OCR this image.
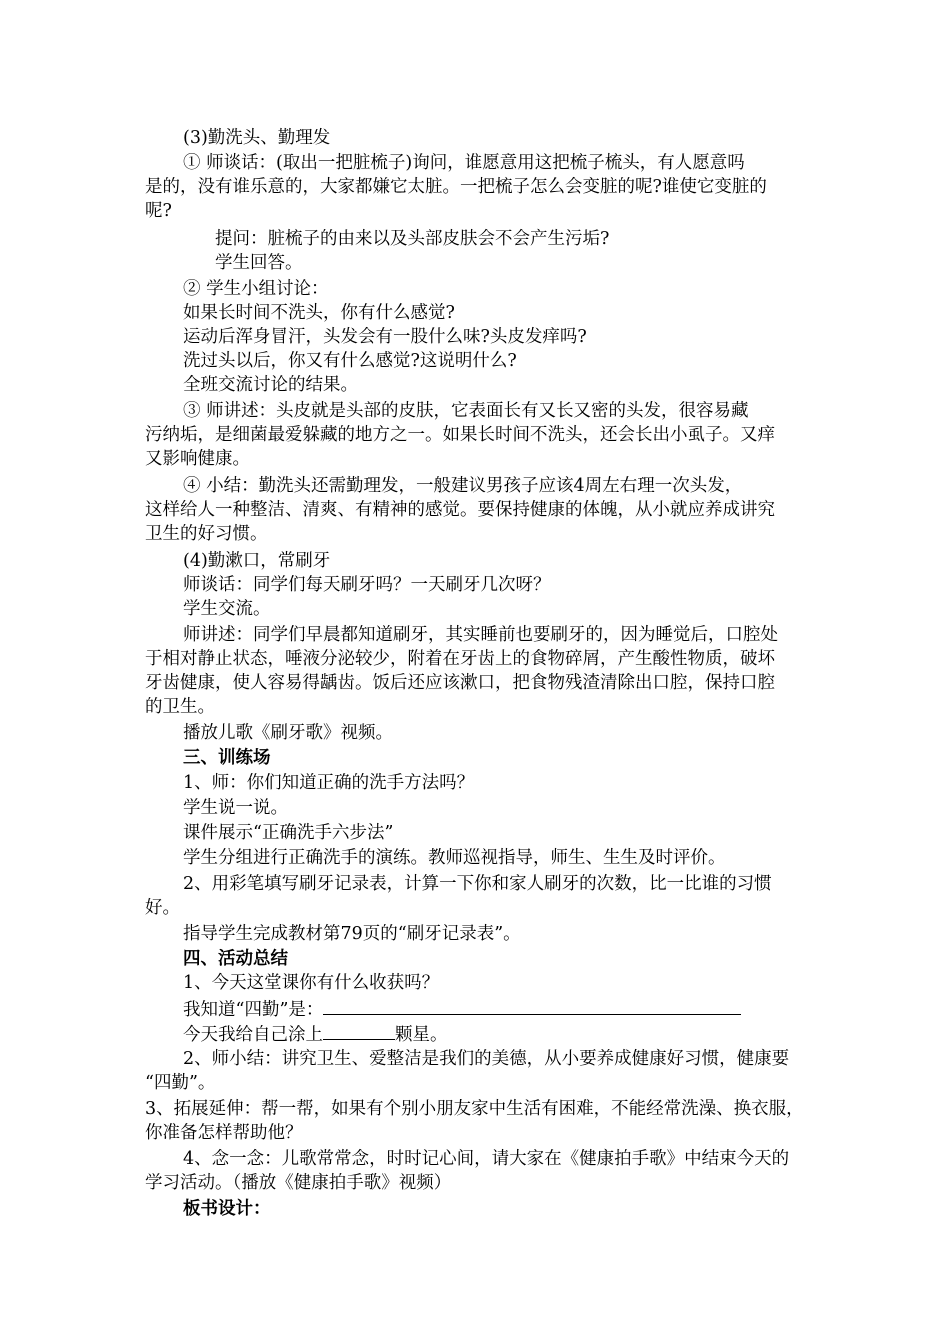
(3)勤洗头、勤理发
① 师谈话：(取出一把脏梳子)询问，谁愿意用这把梳子梳头，有人愿意吗
是的，没有谁乐意的，大家都嫌它太脏。一把梳子怎么会变脏的呢?谁使它变脏的
呢?
提问：脏梳子的由来以及头部皮肤会不会产生污垢?
学生回答。
② 学生小组讨论：
如果长时间不洗头，你有什么感觉?
运动后浑身冒汗，头发会有一股什么味?头皮发痒吗?
洗过头以后，你又有什么感觉?这说明什么?
全班交流讨论的结果。
③ 师讲述：头皮就是头部的皮肤，它表面长有又长又密的头发，很容易藏
污纳垢，是细菌最爱躲藏的地方之一。如果长时间不洗头，还会长出小虱子。又痒
又影响健康。
④ 小结：勤洗头还需勤理发，一般建议男孩子应该4周左右理一次头发，
这样给人一种整洁、清爽、有精神的感觉。要保持健康的体魄，从小就应养成讲究
卫生的好习惯。
(4)勤漱口，常刷牙
师谈话：同学们每天刷牙吗？一天刷牙几次呀？
学生交流。
师讲述：同学们早晨都知道刷牙，其实睡前也要刷牙的，因为睡觉后，口腔处
于相对静止状态，唾液分泌较少，附着在牙齿上的食物碎屑，产生酸性物质，破坏
牙齿健康，使人容易得龋齿。饭后还应该漱口，把食物残渣清除出口腔，保持口腔
的卫生。
播放儿歌《刷牙歌》视频。
三、训练场
1、师：你们知道正确的洗手方法吗？
学生说一说。
课件展示“正确洗手六步法”
学生分组进行正确洗手的演练。教师巡视指导，师生、生生及时评价。
2、用彩笔填写刷牙记录表，计算一下你和家人刷牙的次数，比一比谁的习惯
好。
指导学生完成教材第79页的“刷牙记录表”。
四、活动总结
1、今天这堂课你有什么收获吗？
我知道“四勤”是：
今天我给自己涂上	颗星。
2、师小结：讲究卫生、爱整洁是我们的美德，从小要养成健康好习惯，健康要
“四勤”。
3、拓展延伸：帮一帮，如果有个别小朋友家中生活有困难，不能经常洗澡、换衣服，
你准备怎样帮助他？
4、念一念：儿歌常常念，时时记心间，请大家在《健康拍手歌》中结束今天的
学习活动。（播放《健康拍手歌》视频）
板书设计：
